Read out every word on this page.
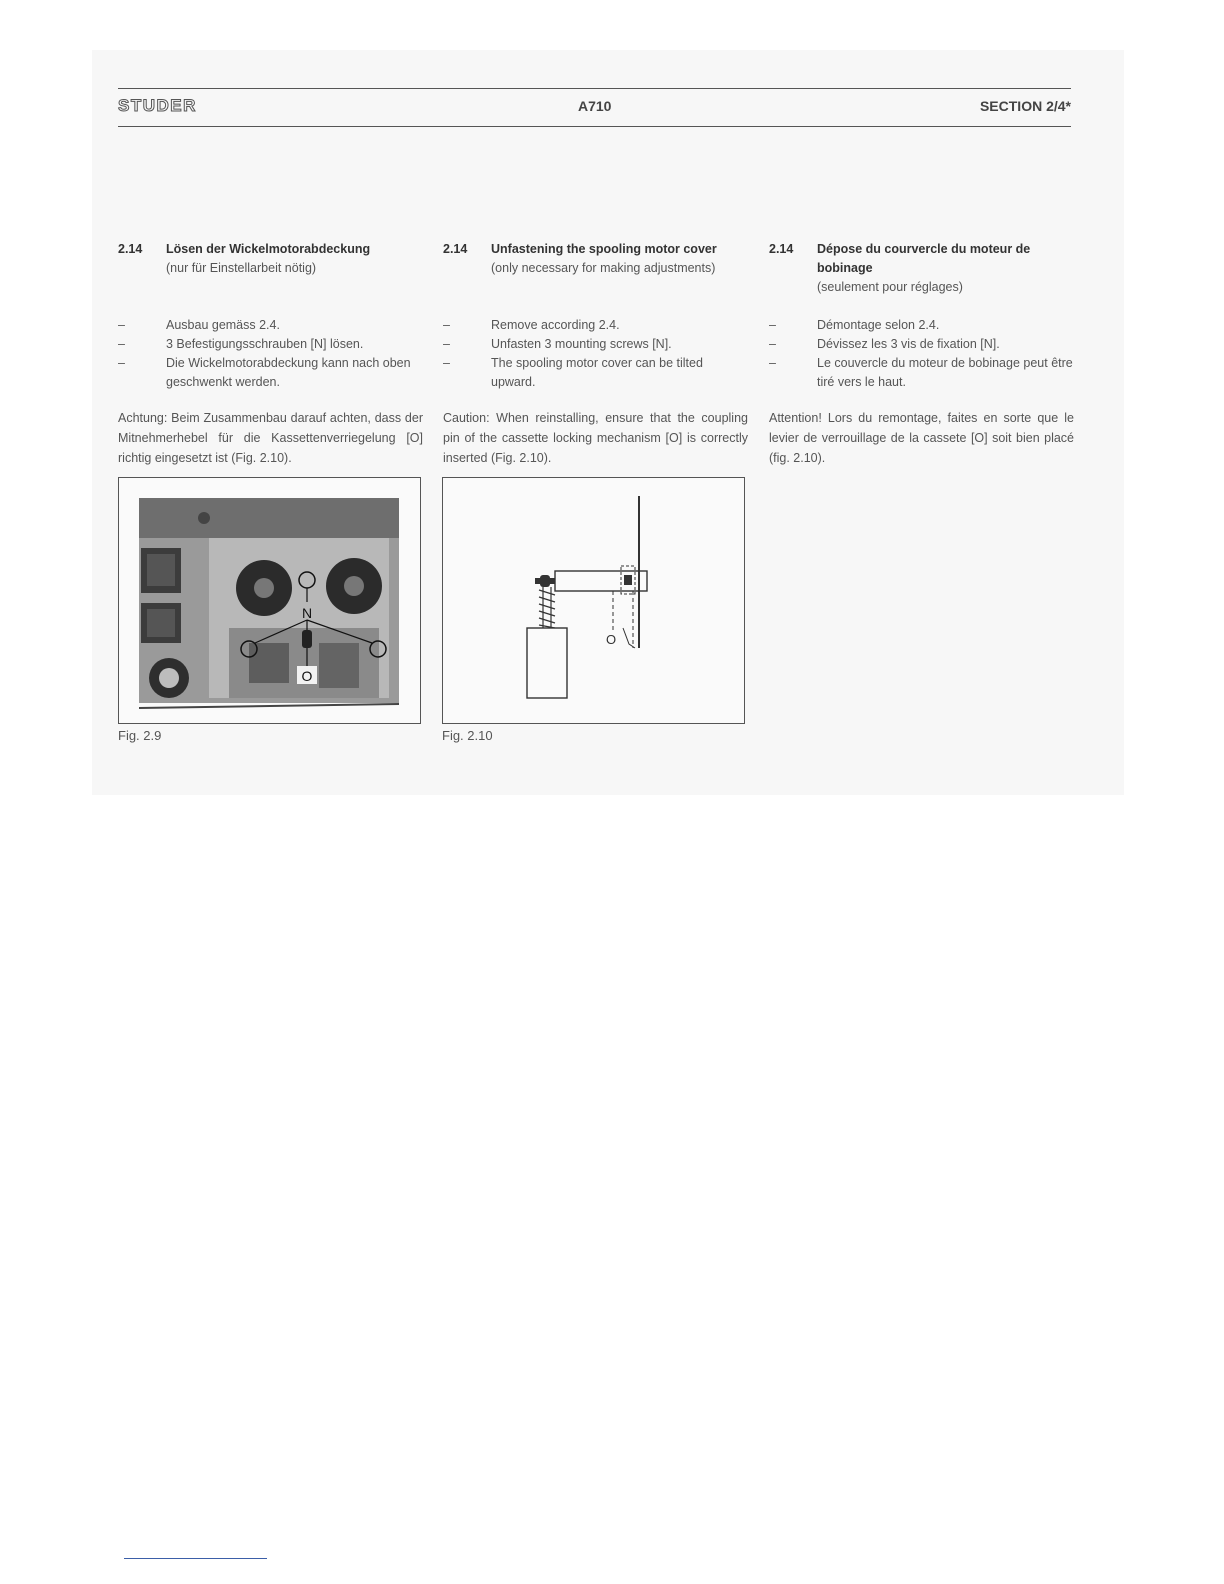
STUDER	A710	SECTION 2/4*
2.14	Lösen der Wickelmotorabdeckung
(nur für Einstellarbeit nötig)
–	Ausbau gemäss 2.4.
–	3 Befestigungsschrauben [N] lösen.
–	Die Wickelmotorabdeckung kann nach oben geschwenkt werden.
Achtung: Beim Zusammenbau darauf achten, dass der Mitnehmerhebel für die Kassettenverriegelung [O] richtig eingesetzt ist (Fig. 2.10).
2.14	Unfastening the spooling motor cover
(only necessary for making adjustments)
–	Remove according 2.4.
–	Unfasten 3 mounting screws [N].
–	The spooling motor cover can be tilted upward.
Caution: When reinstalling, ensure that the coupling pin of the cassette locking mechanism [O] is correctly inserted (Fig. 2.10).
2.14	Dépose du courvercle du moteur de bobinage
(seulement pour réglages)
–	Démontage selon 2.4.
–	Dévissez les 3 vis de fixation [N].
–	Le couvercle du moteur de bobinage peut être tiré vers le haut.
Attention! Lors du remontage, faites en sorte que le levier de verrouillage de la cassete [O] soit bien placé (fig. 2.10).
N
O
Fig. 2.9
O
Fig. 2.10
